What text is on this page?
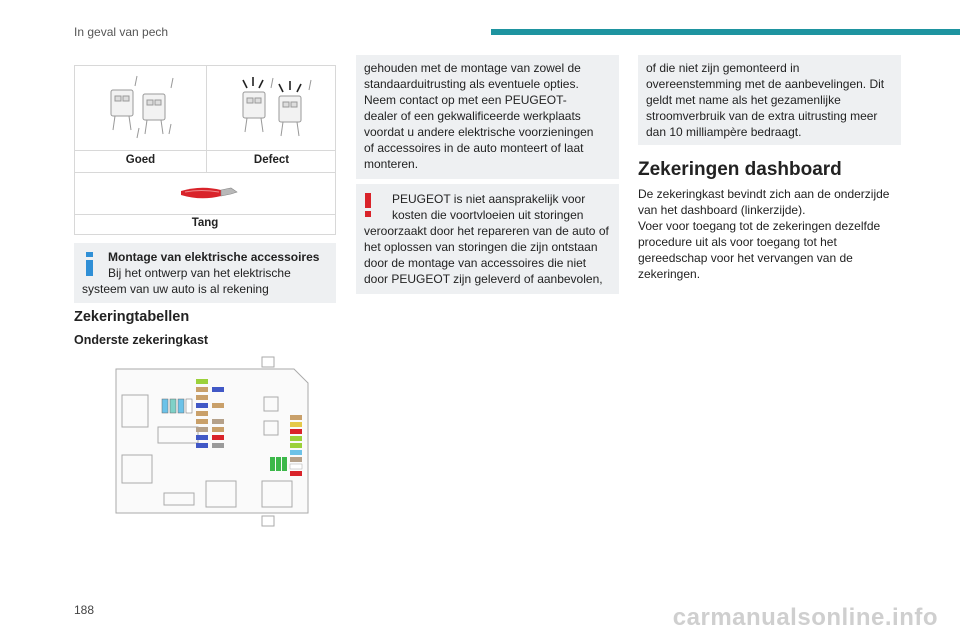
In geval van pech
Goed	Defect
Tang
Montage van elektrische accessoires
Bij het ontwerp van het elektrische
systeem van uw auto is al rekening
Zekeringtabellen
Onderste zekeringkast
gehouden met de montage van zowel de
standaarduitrusting als eventuele opties.
Neem contact op met een PEUGEOT-
dealer of een gekwalificeerde werkplaats
voordat u andere elektrische voorzieningen
of accessoires in de auto monteert of laat
monteren.
PEUGEOT is niet aansprakelijk voor
kosten die voortvloeien uit storingen
veroorzaakt door het repareren van de auto of
het oplossen van storingen die zijn ontstaan
door de montage van accessoires die niet
door PEUGEOT zijn geleverd of aanbevolen,
of die niet zijn gemonteerd in
overeenstemming met de aanbevelingen. Dit
geldt met name als het gezamenlijke
stroomverbruik van de extra uitrusting meer
dan 10 milliampère bedraagt.
Zekeringen dashboard
De zekeringkast bevindt zich aan de onderzijde
van het dashboard (linkerzijde).
Voer voor toegang tot de zekeringen dezelfde
procedure uit als voor toegang tot het
gereedschap voor het vervangen van de
zekeringen.
188	carmanualsonline.info
